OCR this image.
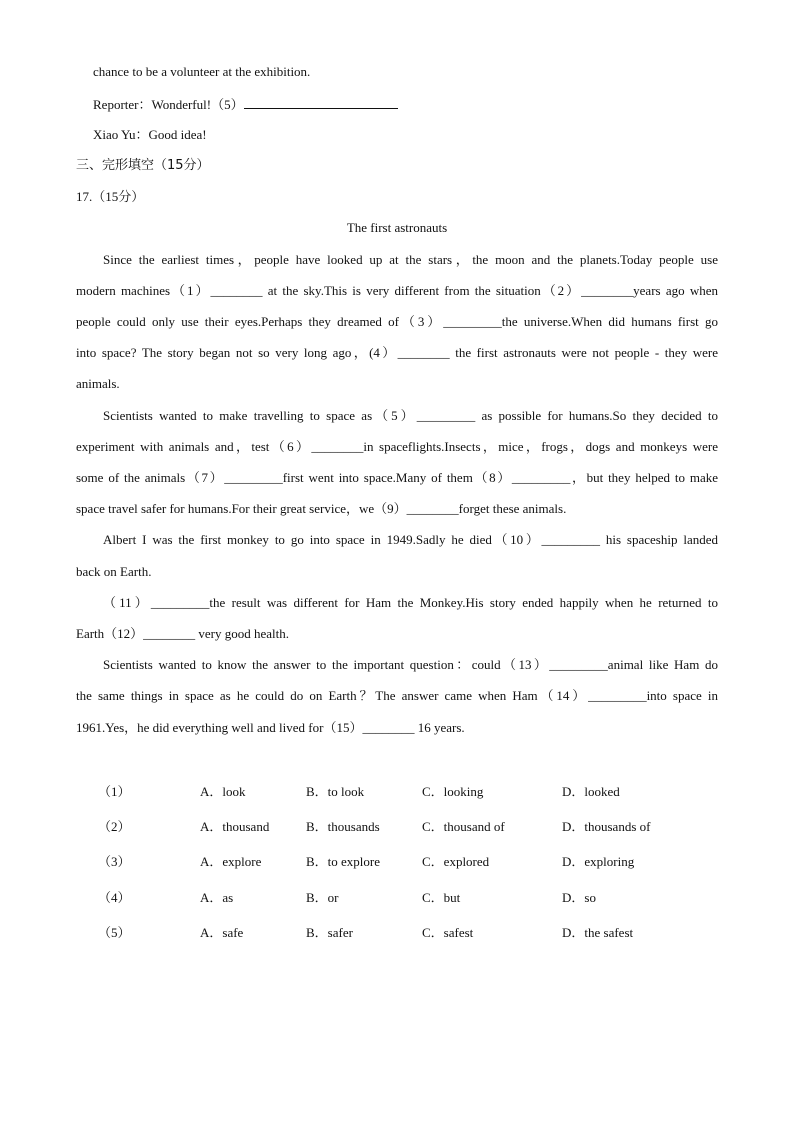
chance to be a volunteer at the exhibition.
Reporter：Wonderful!（5）
Xiao Yu：Good idea!
三、完形填空（15分）
17.（15分）
The first astronauts
Since the earliest times，people have looked up at the stars，the moon and the planets.Today people use
modern machines（1）________ at the sky.This is very different from the situation（2）________years ago when
people could only use their eyes.Perhaps they dreamed of（3）_________the universe.When did humans first go
into space? The story began not so very long ago，(4）________ the first astronauts were not people - they were
animals.
Scientists wanted to make travelling to space as（5）_________ as possible for humans.So they decided to
experiment with animals and，test（6）________in spaceflights.Insects，mice，frogs，dogs and monkeys were
some of the animals（7）_________first went into space.Many of them（8）_________，but they helped to make
space travel safer for humans.For their great service，we（9）________forget these animals.
Albert I was the first monkey to go into space in 1949.Sadly he died（10）_________ his spaceship landed
back on Earth.
（11）_________the result was different for Ham the Monkey.His story ended happily when he returned to
Earth（12）________ very good health.
Scientists wanted to know the answer to the important question：could（13）_________animal like Ham do
the same things in space as he could do on Earth？The answer came when Ham（14）_________into space in
1961.Yes，he did everything well and lived for（15）________ 16 years.
（1）	A．look	B．to look	C．looking	D．looked
（2）	A．thousand	B．thousands	C．thousand of	D．thousands of
（3）	A．explore	B．to explore	C．explored	D．exploring
（4）	A．as	B．or	C．but	D．so
（5）	A．safe	B．safer	C．safest	D．the safest
